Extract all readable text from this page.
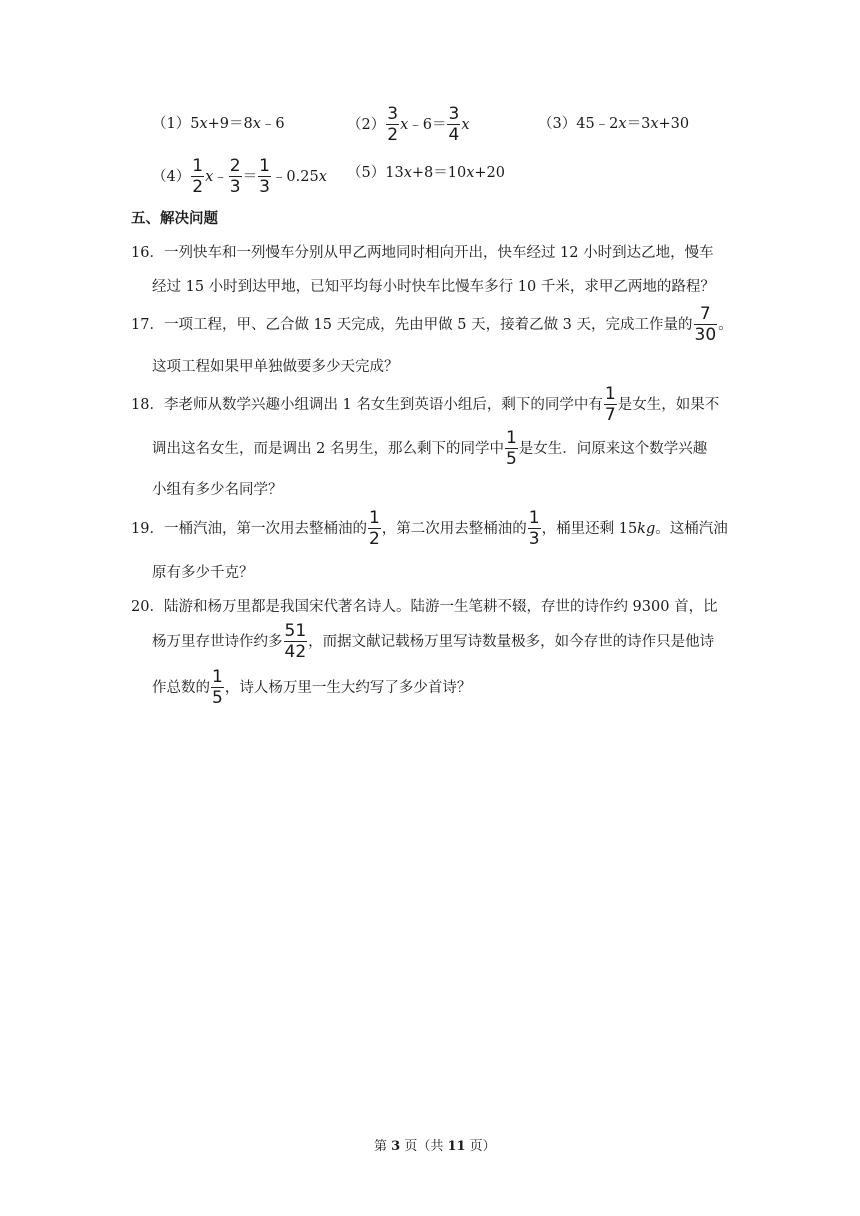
（1）5x+9＝8x﹣6	$(2) \frac{3}{2}$ x ﹣6＝ $\frac{3}{4}$ x	（3）45﹣2x＝3x+30
$(4) \frac{1}{2}$ x ﹣ $\frac{2}{3} = \frac{1}{3}$ ﹣0.25 x （5）13x+8＝10x+20
五、解决问题
16．一列快车和一列慢车分别从甲乙两地同时相向开出，快车经过 12 小时到达乙地，慢车
经过 15 小时到达甲地，已知平均每小时快车比慢车多行 10 千米，求甲乙两地的路程？
17． 一项工程，甲、乙合做 15 天完成，先由甲做 5 天，接着乙做 3 天，完成工作量的 $\frac{7}{30}$ 。
这项工程如果甲单独做要多少天完成？
18． 李老师从数学兴趣小组调出 1 名女生到英语小组后，剩下的同学中有 $\frac{1}{7}$ 是女生，如果不
调出这名女生，而是调出 2 名男生，那么剩下的同学中 $\frac{1}{5}$ 是女生．问原来这个数学兴趣
小组有多少名同学？
19． 一桶汽油，第一次用去整桶油的 $\frac{1}{2}$ ，第二次用去整桶油的 $\frac{1}{3}$ ，桶里还剩 15 kg 。这桶汽油
原有多少千克？
20．陆游和杨万里都是我国宋代著名诗人。陆游一生笔耕不辍，存世的诗作约 9300 首，比
杨万里存世诗作约多 $\frac{51}{42}$ ，而据文献记载杨万里写诗数量极多，如今存世的诗作只是他诗
作总数的 $\frac{1}{5}$ ，诗人杨万里一生大约写了多少首诗？
第 3 页（共 11 页）
